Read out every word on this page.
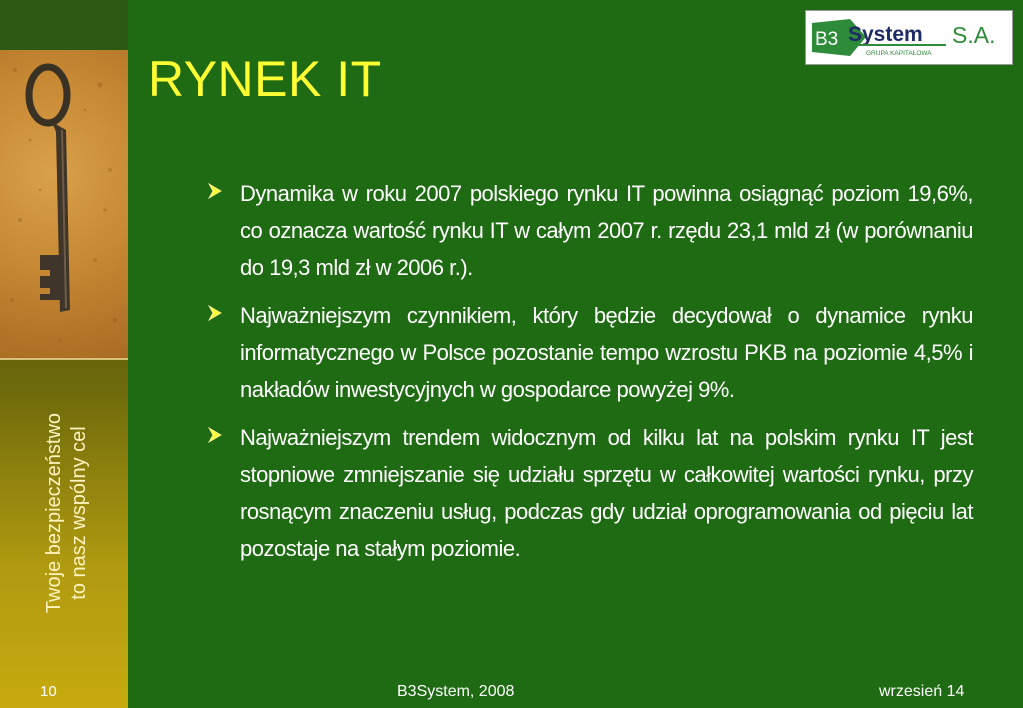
Twoje bezpieczeństwo to nasz wspólny cel
10
B3 System
GRUPA KAPITAŁOWA
S.A.
RYNEK IT
Dynamika w roku 2007 polskiego rynku IT powinna osiągnąć poziom 19,6%, co oznacza wartość rynku IT w całym 2007 r. rzędu 23,1 mld zł (w porównaniu do 19,3 mld zł w 2006 r.).
Najważniejszym czynnikiem, który będzie decydował o dynamice rynku informatycznego w Polsce pozostanie tempo wzrostu PKB na poziomie 4,5% i nakładów inwestycyjnych w gospodarce powyżej 9%.
Najważniejszym trendem widocznym od kilku lat na polskim rynku IT jest stopniowe zmniejszanie się udziału sprzętu w całkowitej wartości rynku, przy rosnącym znaczeniu usług, podczas gdy udział oprogramowania od pięciu lat pozostaje na stałym poziomie.
B3System, 2008	wrzesień 14
